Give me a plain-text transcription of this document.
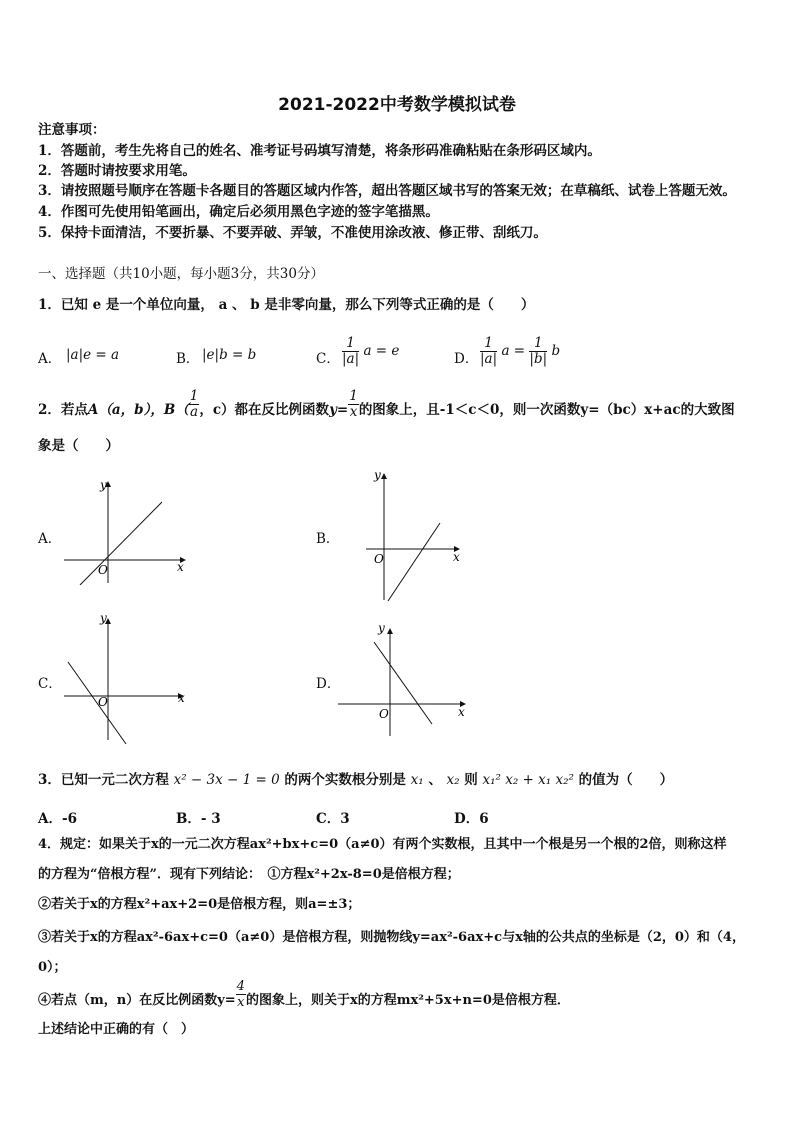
2021-2022中考数学模拟试卷
注意事项：
1．答题前，考生先将自己的姓名、准考证号码填写清楚，将条形码准确粘贴在条形码区域内。
2．答题时请按要求用笔。
3．请按照题号顺序在答题卡各题目的答题区域内作答，超出答题区域书写的答案无效；在草稿纸、试卷上答题无效。
4．作图可先使用铅笔画出，确定后必须用黑色字迹的签字笔描黑。
5．保持卡面清洁，不要折暴、不要弄破、弄皱，不准使用涂改液、修正带、刮纸刀。
一、选择题（共10小题，每小题3分，共30分）
1．已知 e 是一个单位向量， a 、 b 是非零向量，那么下列等式正确的是（　　）
A． |a|e = a	B． |e|b = b	C． $\frac{1}{|a|}$ a = e	D． $\frac{1}{|a|}$ $a = \frac{1}{|b|}$ b
2．若点A（a，b），$B( \frac{1}{a}$ ，c）都在反比例函数$y= \frac{1}{x}$ 的图象上，且-1＜c＜0，则一次函数y=（bc）x+ac的大致图
象是（　　）
A．
x
y
O
B．
x
y
O
C．
x
y
O
D．
x
y
O
3．已知一元二次方程 x² − 3x − 1 = 0 的两个实数根分别是 x₁ 、 x₂ 则 x₁² x₂ + x₁ x₂² 的值为（　　）
A．-6	B．- 3	C．3	D．6
4．规定：如果关于x的一元二次方程ax²+bx+c=0（a≠0）有两个实数根，且其中一个根是另一个根的2倍，则称这样
的方程为“倍根方程”．现有下列结论：　①方程x²+2x-8=0是倍根方程；
②若关于x的方程x²+ax+2=0是倍根方程，则a=±3；
③若关于x的方程ax²-6ax+c=0（a≠0）是倍根方程，则抛物线y=ax²-6ax+c与x轴的公共点的坐标是（2，0）和（4，
0）；
④若点（m，n）在反比例函数$y= \frac{4}{x}$ 的图象上，则关于x的方程mx²+5x+n=0是倍根方程．
上述结论中正确的有（　）
